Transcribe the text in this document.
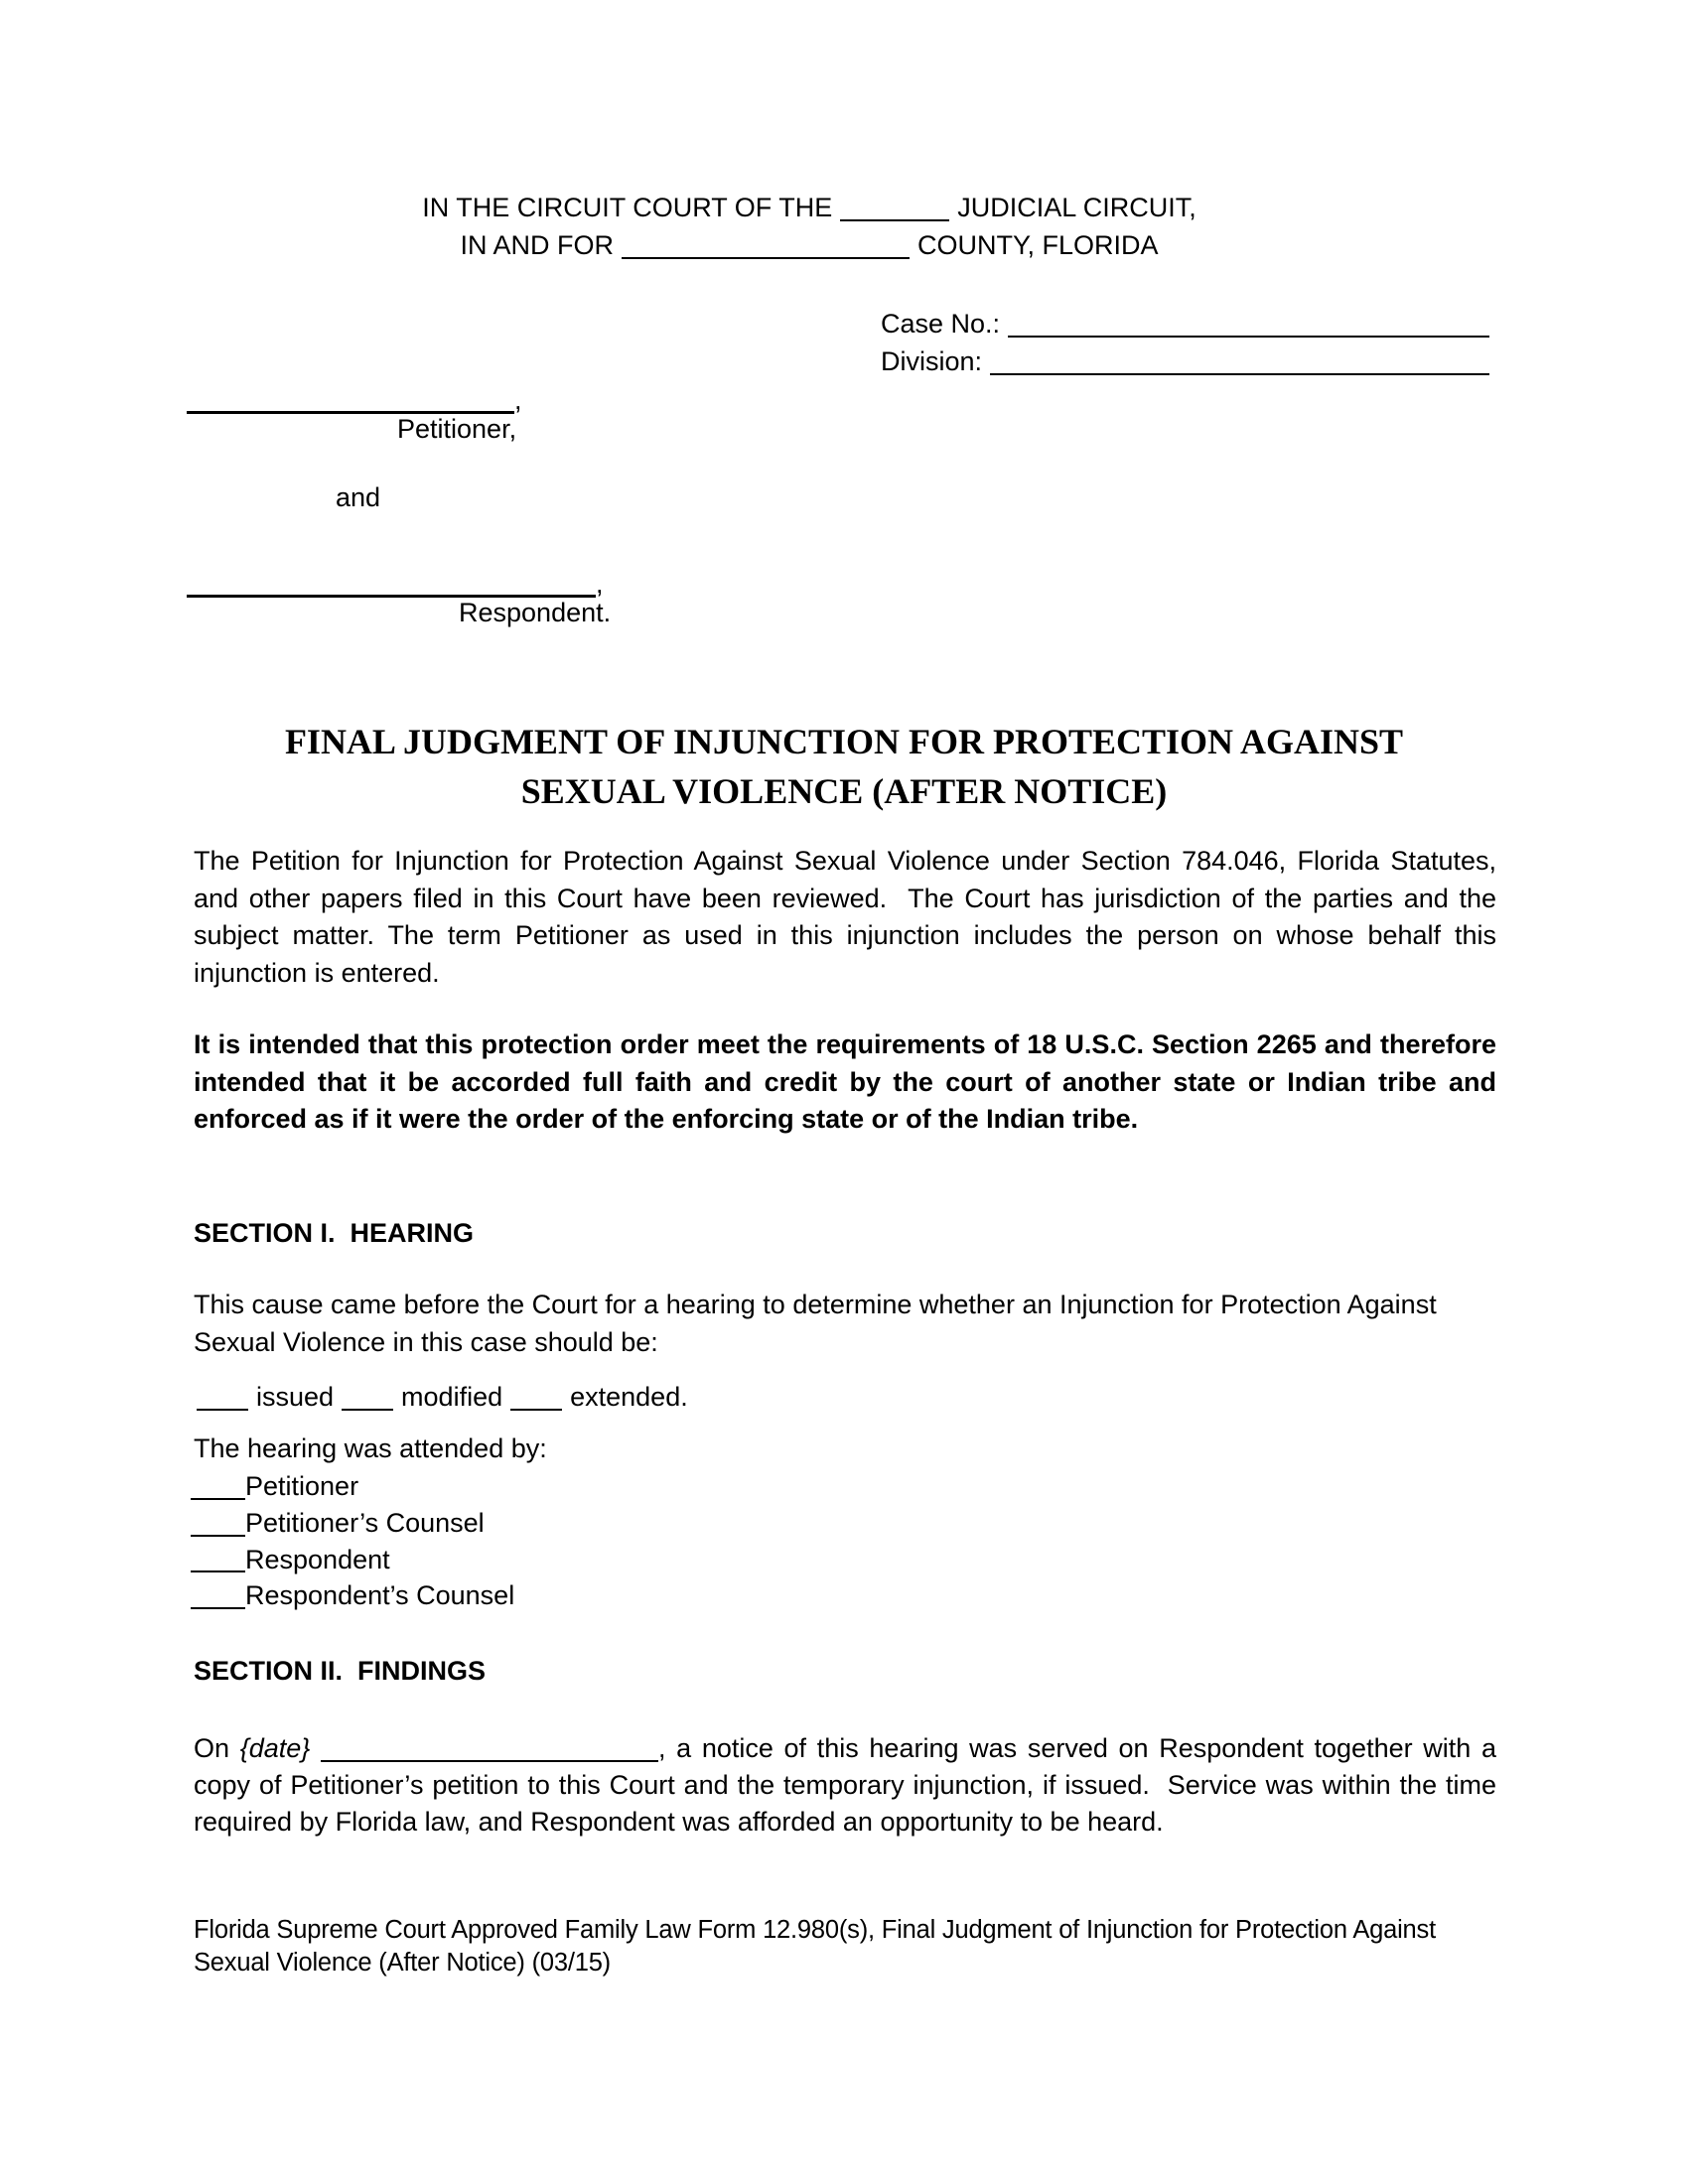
IN THE CIRCUIT COURT OF THE	JUDICIAL CIRCUIT,
IN AND FOR	COUNTY, FLORIDA
Case No.:
Division:
,
Petitioner,
and
,
Respondent.
FINAL JUDGMENT OF INJUNCTION FOR PROTECTION AGAINST
SEXUAL VIOLENCE (AFTER NOTICE)
The Petition for Injunction for Protection Against Sexual Violence under Section 784.046, Florida Statutes, and other papers filed in this Court have been reviewed.  The Court has jurisdiction of the parties and the subject matter. The term Petitioner as used in this injunction includes the person on whose behalf this injunction is entered.
It is intended that this protection order meet the requirements of 18 U.S.C. Section 2265 and therefore intended that it be accorded full faith and credit by the court of another state or Indian tribe and enforced as if it were the order of the enforcing state or of the Indian tribe.
SECTION I.  HEARING
This cause came before the Court for a hearing to determine whether an Injunction for Protection Against Sexual Violence in this case should be:
issued	modified	extended.
The hearing was attended by:
Petitioner
Petitioner’s Counsel
Respondent
Respondent’s Counsel
SECTION II.  FINDINGS
On {date}	, a notice of this hearing was served on Respondent together with a copy of Petitioner’s petition to this Court and the temporary injunction, if issued.  Service was within the time required by Florida law, and Respondent was afforded an opportunity to be heard.
Florida Supreme Court Approved Family Law Form 12.980(s), Final Judgment of Injunction for Protection Against
Sexual Violence (After Notice) (03/15)
